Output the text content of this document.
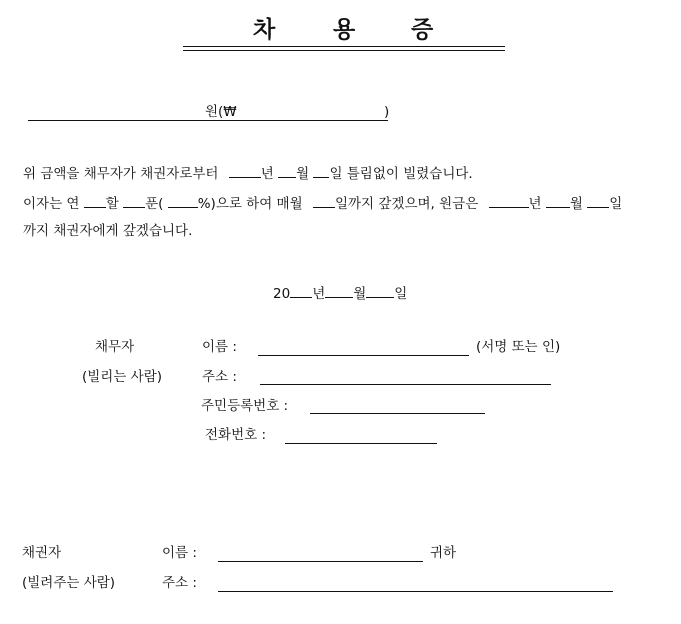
차 용 증
원(₩	)
위 금액을 채무자가 채권자로부터	년 월 일 틀림없이 빌렸습니다.
이자는 연 할 푼(	%)으로 하여 매월 일까지 갚겠으며, 원금은	년 월 일
까지 채권자에게 갚겠습니다.
20 년 월 일
채무자
(빌리는 사람)
이름 :	(서명 또는 인)
주소 :
주민등록번호 :
전화번호 :
채권자
(빌려주는 사람)
이름 :	귀하
주소 :
